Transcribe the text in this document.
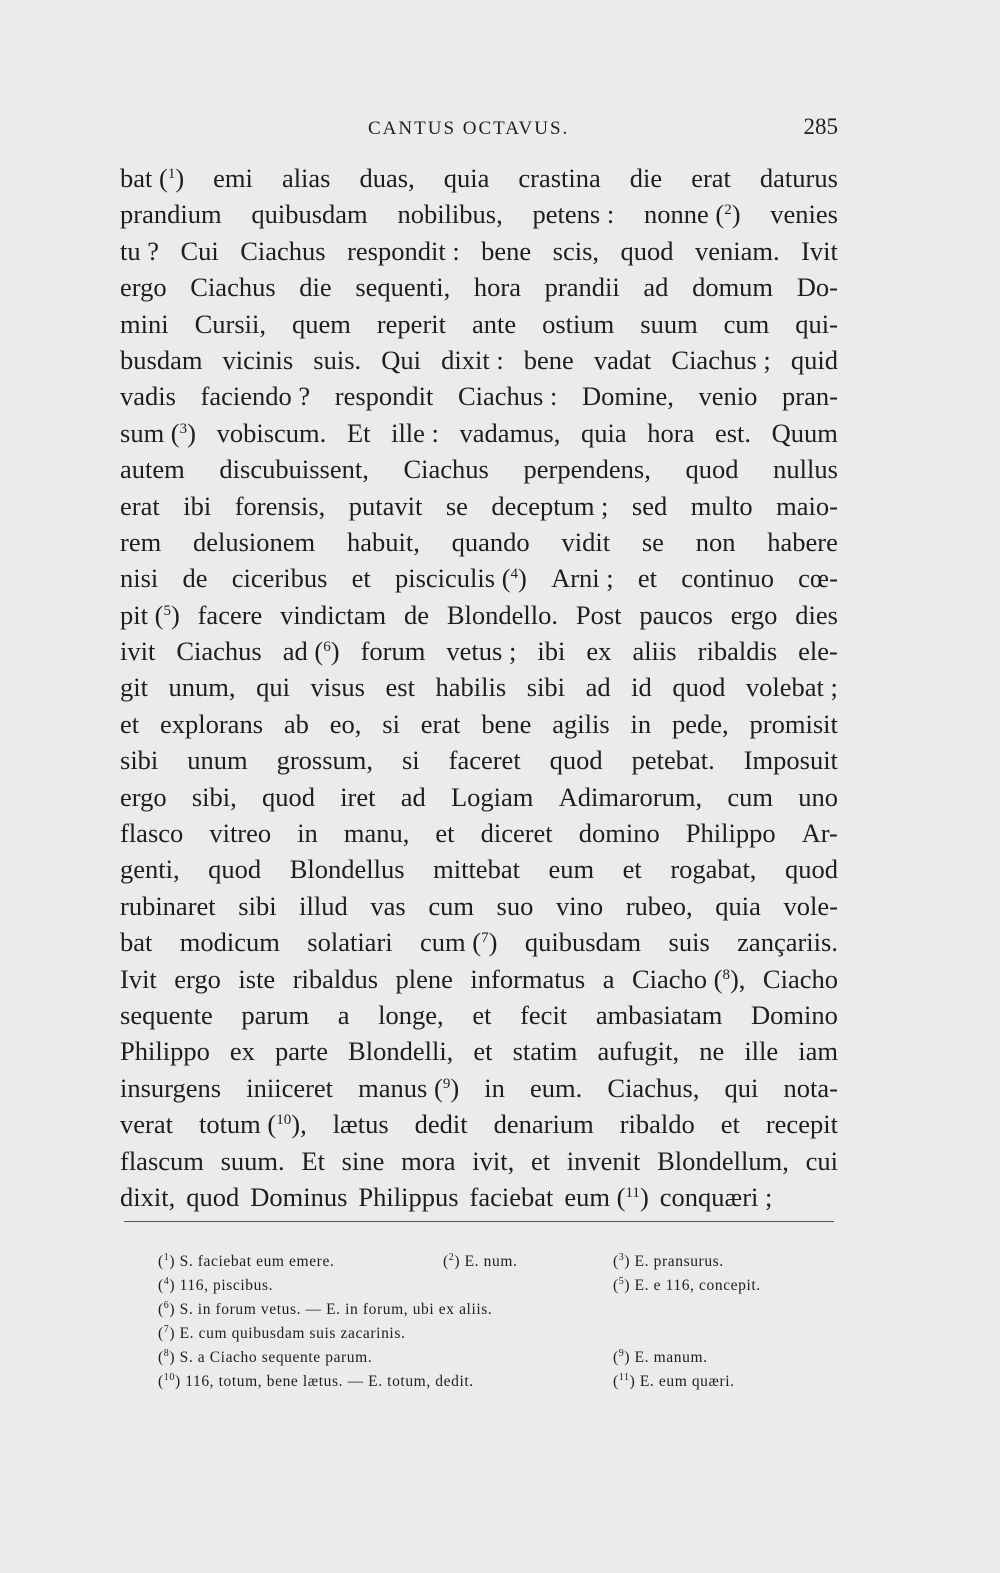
CANTUS OCTAVUS.	285
bat ($^1$) emi alias duas, quia crastina die erat daturus
prandium quibusdam nobilibus, petens : nonne ($^2$) venies
tu ? Cui Ciachus respondit : bene scis, quod veniam. Ivit
ergo Ciachus die sequenti, hora prandii ad domum Do-
mini Cursii, quem reperit ante ostium suum cum qui-
busdam vicinis suis. Qui dixit : bene vadat Ciachus ; quid
vadis faciendo ? respondit Ciachus : Domine, venio pran-
sum ($^3$) vobiscum. Et ille : vadamus, quia hora est. Quum
autem discubuissent, Ciachus perpendens, quod nullus
erat ibi forensis, putavit se deceptum ; sed multo maio-
rem delusionem habuit, quando vidit se non habere
nisi de ciceribus et pisciculis ($^4$) Arni ; et continuo cœ-
pit ($^5$) facere vindictam de Blondello. Post paucos ergo dies
ivit Ciachus ad ($^6$) forum vetus ; ibi ex aliis ribaldis ele-
git unum, qui visus est habilis sibi ad id quod volebat ;
et explorans ab eo, si erat bene agilis in pede, promisit
sibi unum grossum, si faceret quod petebat. Imposuit
ergo sibi, quod iret ad Logiam Adimarorum, cum uno
flasco vitreo in manu, et diceret domino Philippo Ar-
genti, quod Blondellus mittebat eum et rogabat, quod
rubinaret sibi illud vas cum suo vino rubeo, quia vole-
bat modicum solatiari cum ($^7$) quibusdam suis zançariis.
Ivit ergo iste ribaldus plene informatus a Ciacho ($^8$), Ciacho
sequente parum a longe, et fecit ambasiatam Domino
Philippo ex parte Blondelli, et statim aufugit, ne ille iam
insurgens iniiceret manus ($^9$) in eum. Ciachus, qui nota-
verat totum ($^{10}$), lætus dedit denarium ribaldo et recepit
flascum suum. Et sine mora ivit, et invenit Blondellum, cui
dixit, quod Dominus Philippus faciebat eum ($^{11}$) conquæri ;
($^1$) S. faciebat eum emere.	($^2$) E. num.	($^3$) E. pransurus.
($^4$) 116, piscibus.	($^5$) E. e 116, concepit.
($^6$) S. in forum vetus. — E. in forum, ubi ex aliis.
($^7$) E. cum quibusdam suis zacarinis.
($^8$) S. a Ciacho sequente parum.	($^9$) E. manum.
($^{10}$) 116, totum, bene lætus. — E. totum, dedit.	($^{11}$) E. eum quæri.
